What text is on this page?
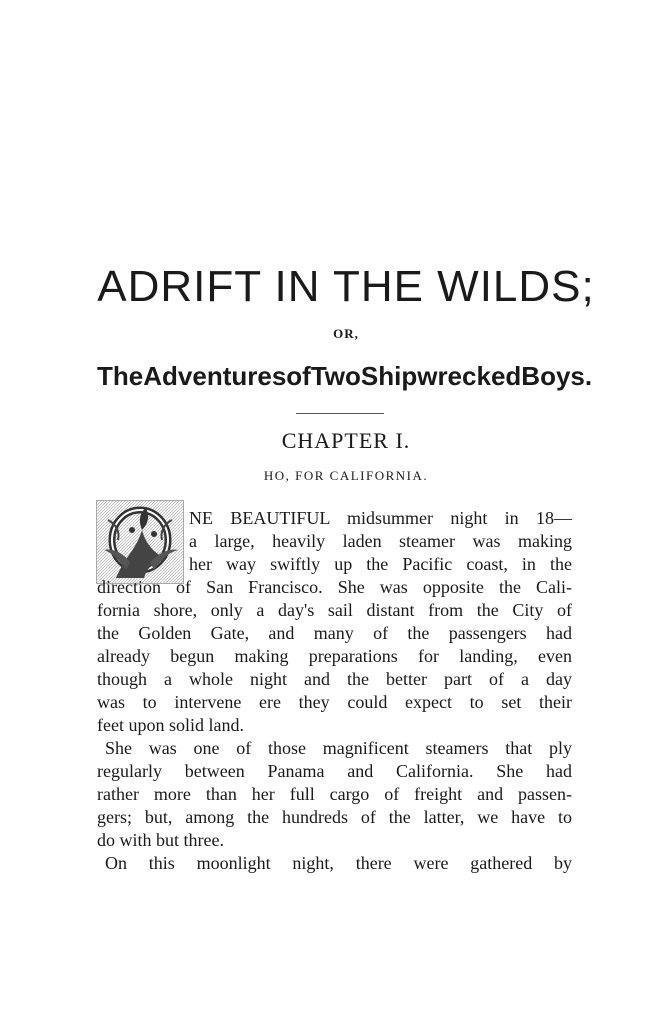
ADRIFT IN THE WILDS;

OR,

The Adventures of Two Shipwrecked Boys.

CHAPTER I.

HO, FOR CALIFORNIA.

NE BEAUTIFUL midsummer night in 18—
a large, heavily laden steamer was making
her way swiftly up the Pacific coast, in the
direction of San Francisco. She was opposite the Cali-
fornia shore, only a day's sail distant from the City of
the Golden Gate, and many of the passengers had
already begun making preparations for landing, even
though a whole night and the better part of a day
was to intervene ere they could expect to set their
feet upon solid land.
She was one of those magnificent steamers that ply
regularly between Panama and California. She had
rather more than her full cargo of freight and passen-
gers; but, among the hundreds of the latter, we have to
do with but three.
On this moonlight night, there were gathered by
